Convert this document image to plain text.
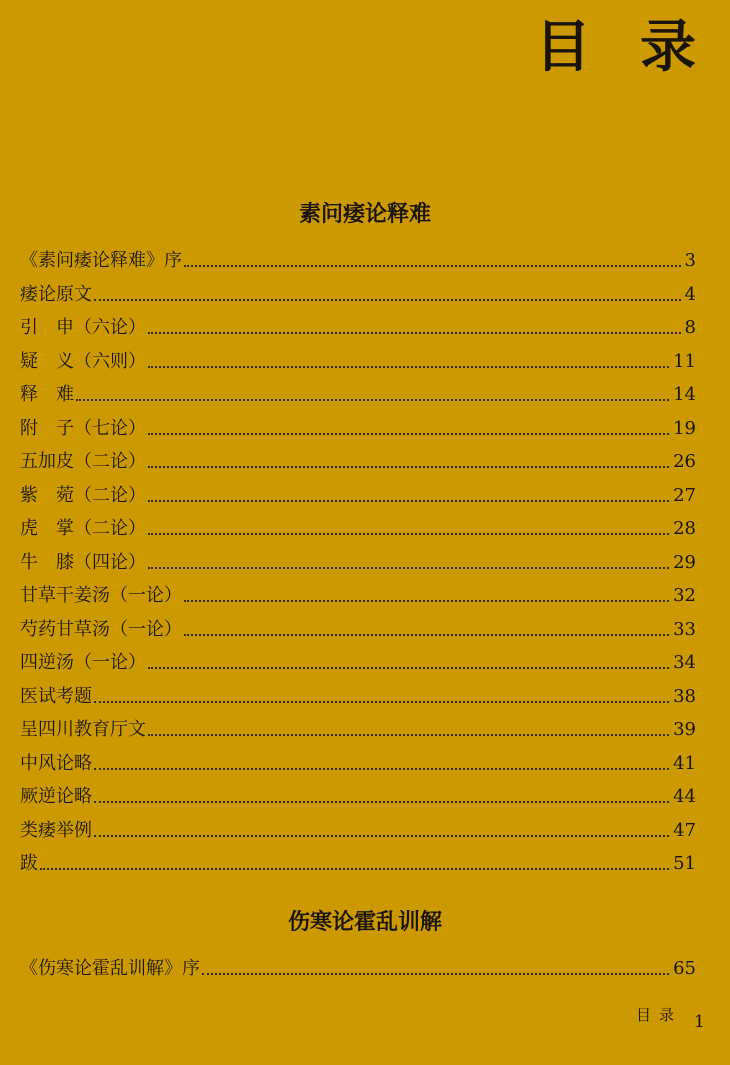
目 录
素问痿论释难
《素问痿论释难》序	3
痿论原文	4
引　申（六论）	8
疑　义（六则）	11
释　难	14
附　子（七论）	19
五加皮（二论）	26
紫　菀（二论）	27
虎　掌（二论）	28
牛　膝（四论）	29
甘草干姜汤（一论）	32
芍药甘草汤（一论）	33
四逆汤（一论）	34
医试考题	38
呈四川教育厅文	39
中风论略	41
厥逆论略	44
类痿举例	47
跋	51
伤寒论霍乱训解
《伤寒论霍乱训解》序	65
目录 1
